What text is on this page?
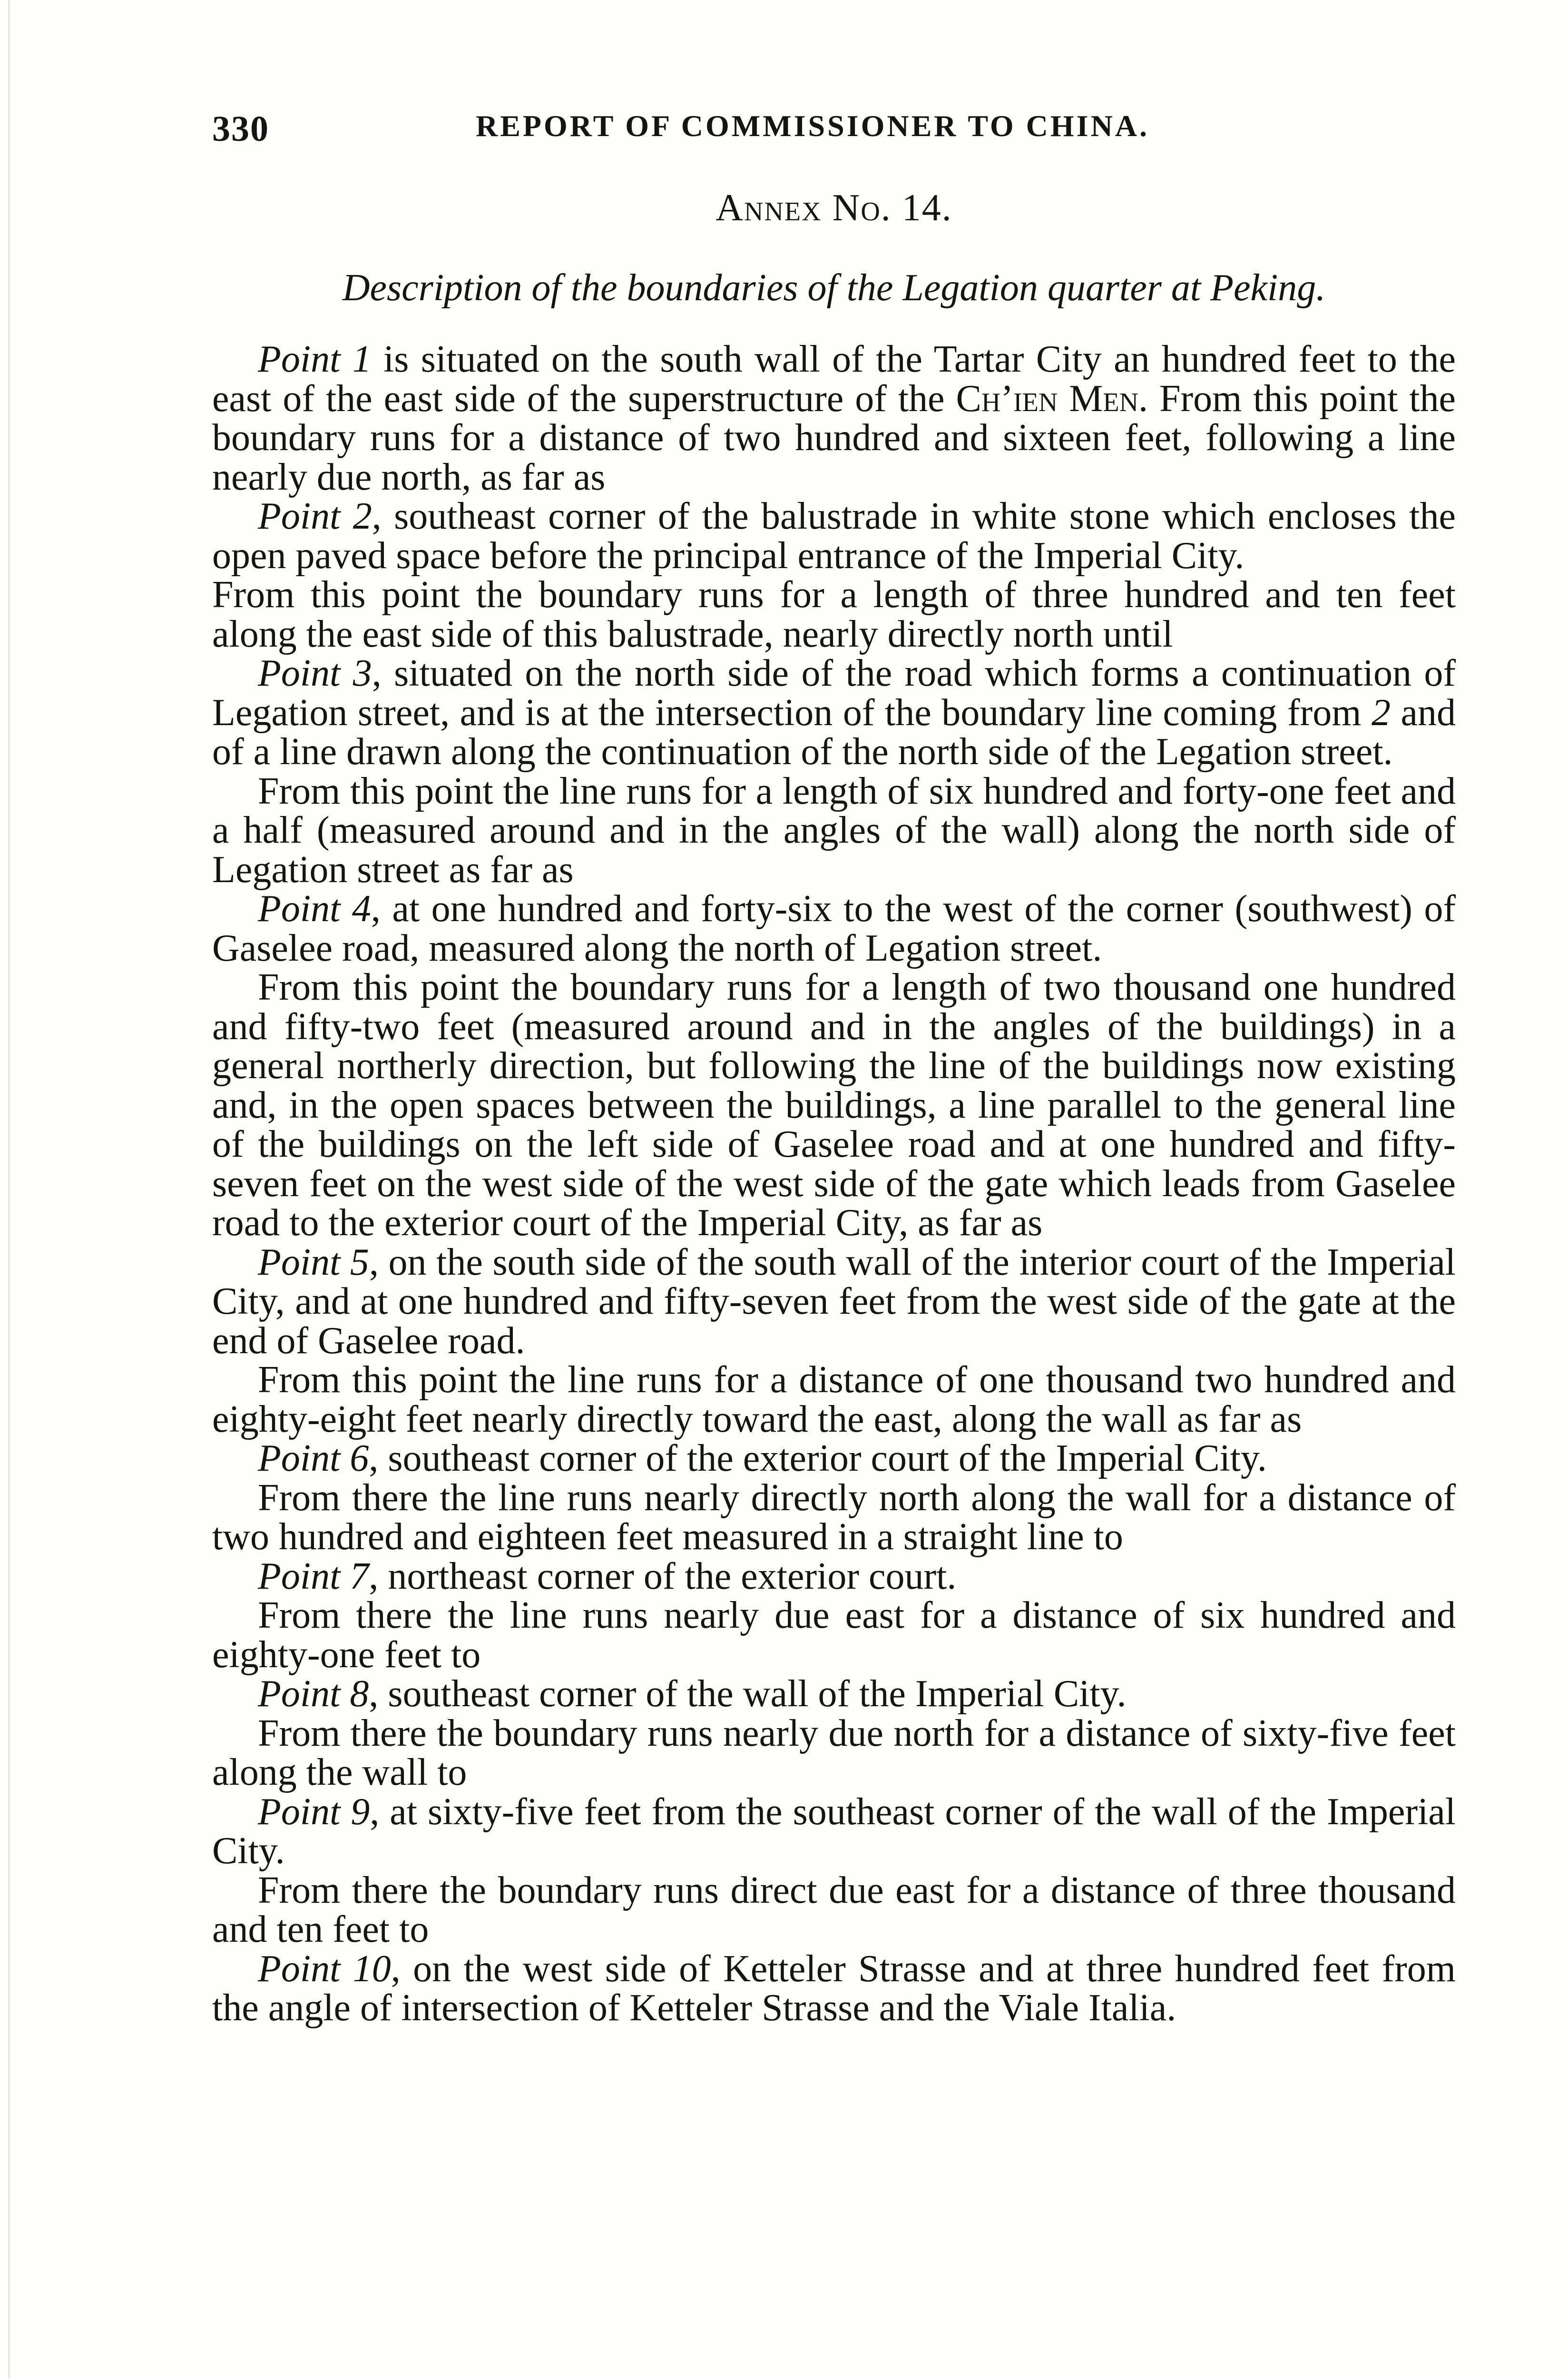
330	REPORT OF COMMISSIONER TO CHINA.
Annex No. 14.
Description of the boundaries of the Legation quarter at Peking.

Point 1 is situated on the south wall of the Tartar City an hundred feet to the east of the east side of the superstructure of the Ch’ien Men. From this point the boundary runs for a distance of two hundred and sixteen feet, following a line nearly due north, as far as

Point 2, southeast corner of the balustrade in white stone which encloses the open paved space before the principal entrance of the Imperial City.

From this point the boundary runs for a length of three hundred and ten feet along the east side of this balustrade, nearly directly north until

Point 3, situated on the north side of the road which forms a continuation of Legation street, and is at the intersection of the boundary line coming from 2 and of a line drawn along the continuation of the north side of the Legation street.

From this point the line runs for a length of six hundred and forty-one feet and a half (measured around and in the angles of the wall) along the north side of Legation street as far as

Point 4, at one hundred and forty-six to the west of the corner (southwest) of Gaselee road, measured along the north of Legation street.

From this point the boundary runs for a length of two thousand one hundred and fifty-two feet (measured around and in the angles of the buildings) in a general northerly direction, but following the line of the buildings now existing and, in the open spaces between the buildings, a line parallel to the general line of the buildings on the left side of Gaselee road and at one hundred and fifty-seven feet on the west side of the west side of the gate which leads from Gaselee road to the exterior court of the Imperial City, as far as

Point 5, on the south side of the south wall of the interior court of the Imperial City, and at one hundred and fifty-seven feet from the west side of the gate at the end of Gaselee road.

From this point the line runs for a distance of one thousand two hundred and eighty-eight feet nearly directly toward the east, along the wall as far as

Point 6, southeast corner of the exterior court of the Imperial City.

From there the line runs nearly directly north along the wall for a distance of two hundred and eighteen feet measured in a straight line to

Point 7, northeast corner of the exterior court.

From there the line runs nearly due east for a distance of six hundred and eighty-one feet to

Point 8, southeast corner of the wall of the Imperial City.

From there the boundary runs nearly due north for a distance of sixty-five feet along the wall to

Point 9, at sixty-five feet from the southeast corner of the wall of the Imperial City.

From there the boundary runs direct due east for a distance of three thousand and ten feet to

Point 10, on the west side of Ketteler Strasse and at three hundred feet from the angle of intersection of Ketteler Strasse and the Viale Italia.
